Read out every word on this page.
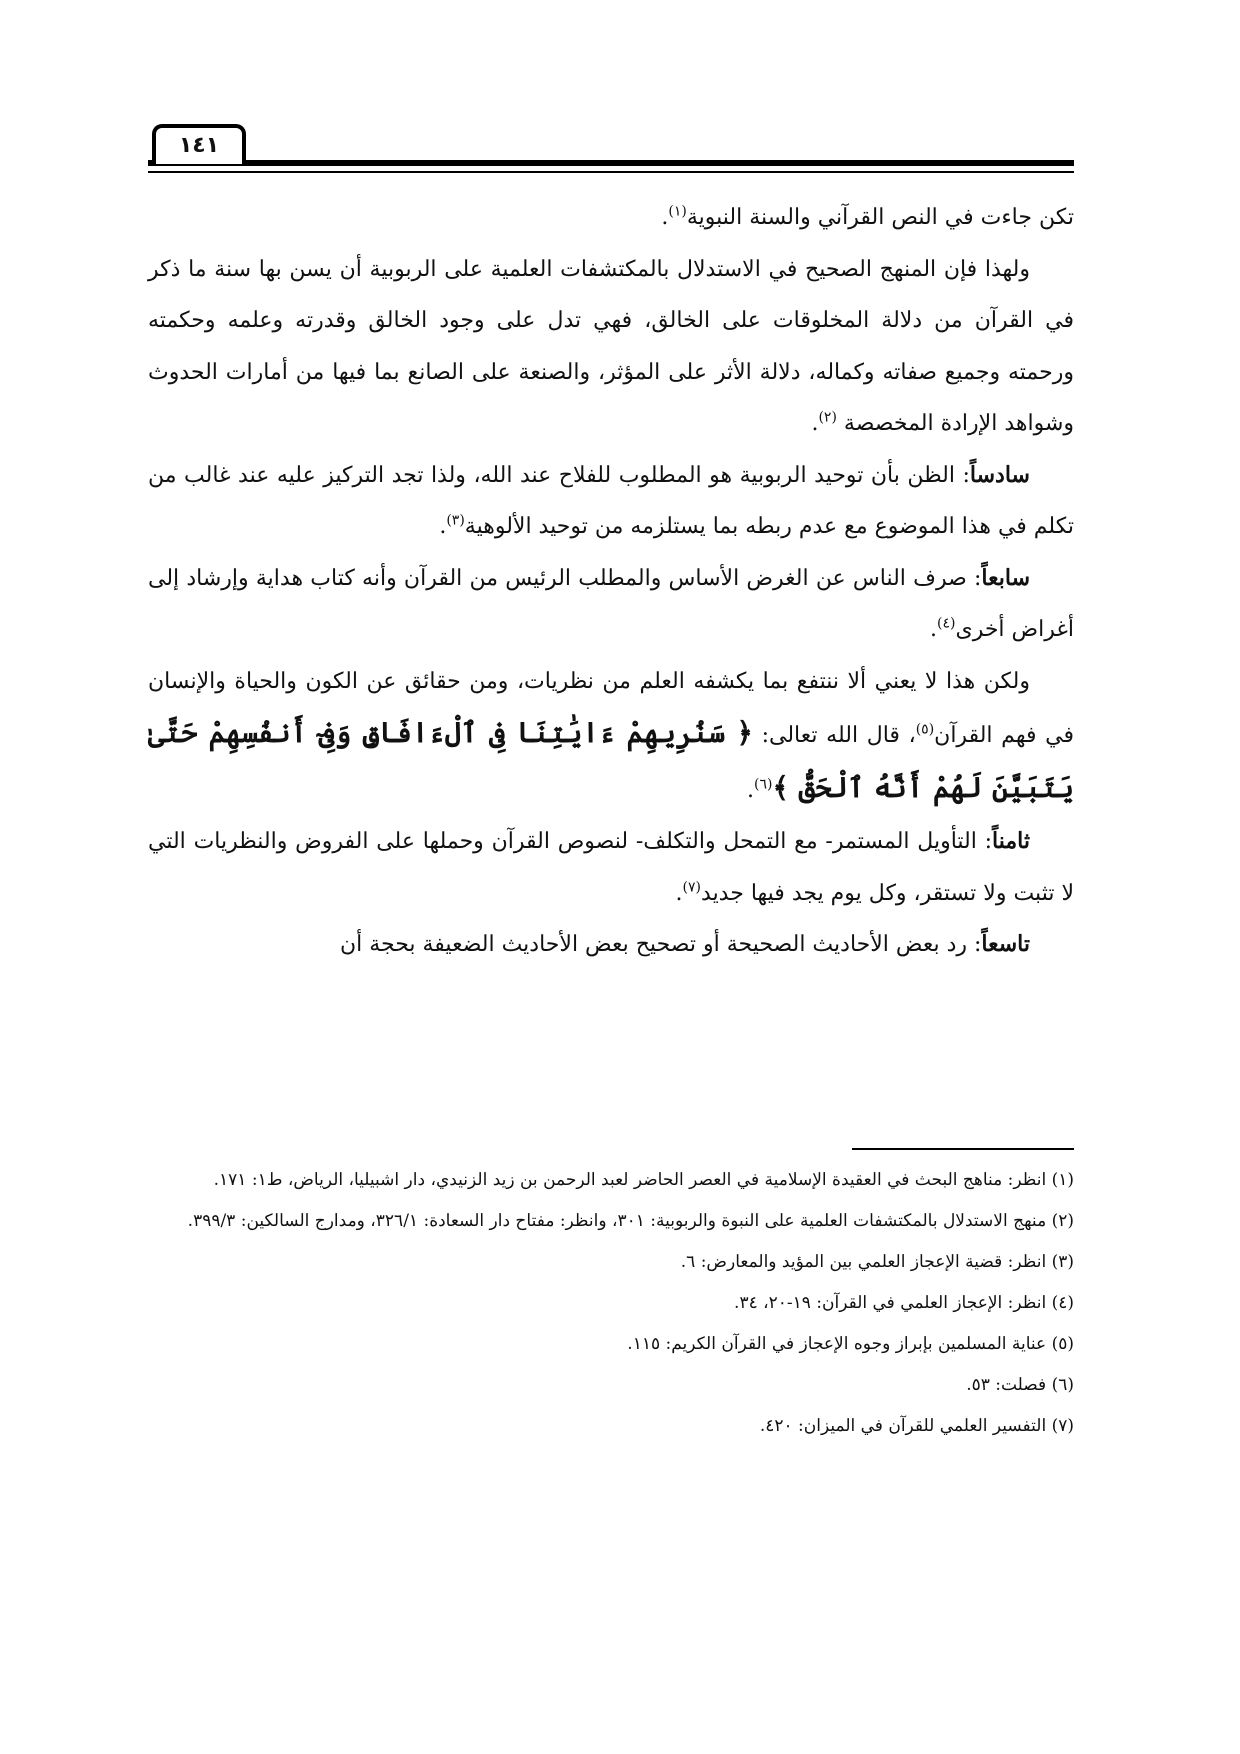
١٤١

تكن جاءت في النص القرآني والسنة النبوية$^{(١)}$.

ولهذا فإن المنهج الصحيح في الاستدلال بالمكتشفات العلمية على الربوبية أن يسن بها سنة ما ذكر في القرآن من دلالة المخلوقات على الخالق، فهي تدل على وجود الخالق وقدرته وعلمه وحكمته ورحمته وجميع صفاته وكماله، دلالة الأثر على المؤثر، والصنعة على الصانع بما فيها من أمارات الحدوث وشواهد الإرادة المخصصة $^{(٢)}$.

سادساً: الظن بأن توحيد الربوبية هو المطلوب للفلاح عند الله، ولذا تجد التركيز عليه عند غالب من تكلم في هذا الموضوع مع عدم ربطه بما يستلزمه من توحيد الألوهية$^{(٣)}$.

سابعاً: صرف الناس عن الغرض الأساس والمطلب الرئيس من القرآن وأنه كتاب هداية وإرشاد إلى أغراض أخرى$^{(٤)}$.

ولكن هذا لا يعني ألا ننتفع بما يكشفه العلم من نظريات، ومن حقائق عن الكون والحياة والإنسان في فهم القرآن$^{(٥)}$، قال الله تعالى: ﴿ سَنُرِيهِمْ ءَايَٰتِنَا فِى ٱلْءَافَاقِ وَفِىٓ أَنفُسِهِمْ حَتَّىٰ يَتَبَيَّنَ لَهُمْ أَنَّهُ ٱلْحَقُّ ﴾$^{(٦)}$.

ثامناً: التأويل المستمر- مع التمحل والتكلف- لنصوص القرآن وحملها على الفروض والنظريات التي لا تثبت ولا تستقر، وكل يوم يجد فيها جديد$^{(٧)}$.

تاسعاً: رد بعض الأحاديث الصحيحة أو تصحيح بعض الأحاديث الضعيفة بحجة أن

(١) انظر: مناهج البحث في العقيدة الإسلامية في العصر الحاضر لعبد الرحمن بن زيد الزنيدي، دار اشبيليا، الرياض، ط١: ١٧١.

(٢) منهج الاستدلال بالمكتشفات العلمية على النبوة والربوبية: ٣٠١، وانظر: مفتاح دار السعادة: ٣٢٦/١، ومدارج السالكين: ٣٩٩/٣.

(٣) انظر: قضية الإعجاز العلمي بين المؤيد والمعارض: ٦.

(٤) انظر: الإعجاز العلمي في القرآن: ١٩-٢٠، ٣٤.

(٥) عناية المسلمين بإبراز وجوه الإعجاز في القرآن الكريم: ١١٥.

(٦) فصلت: ٥٣.

(٧) التفسير العلمي للقرآن في الميزان: ٤٢٠.
